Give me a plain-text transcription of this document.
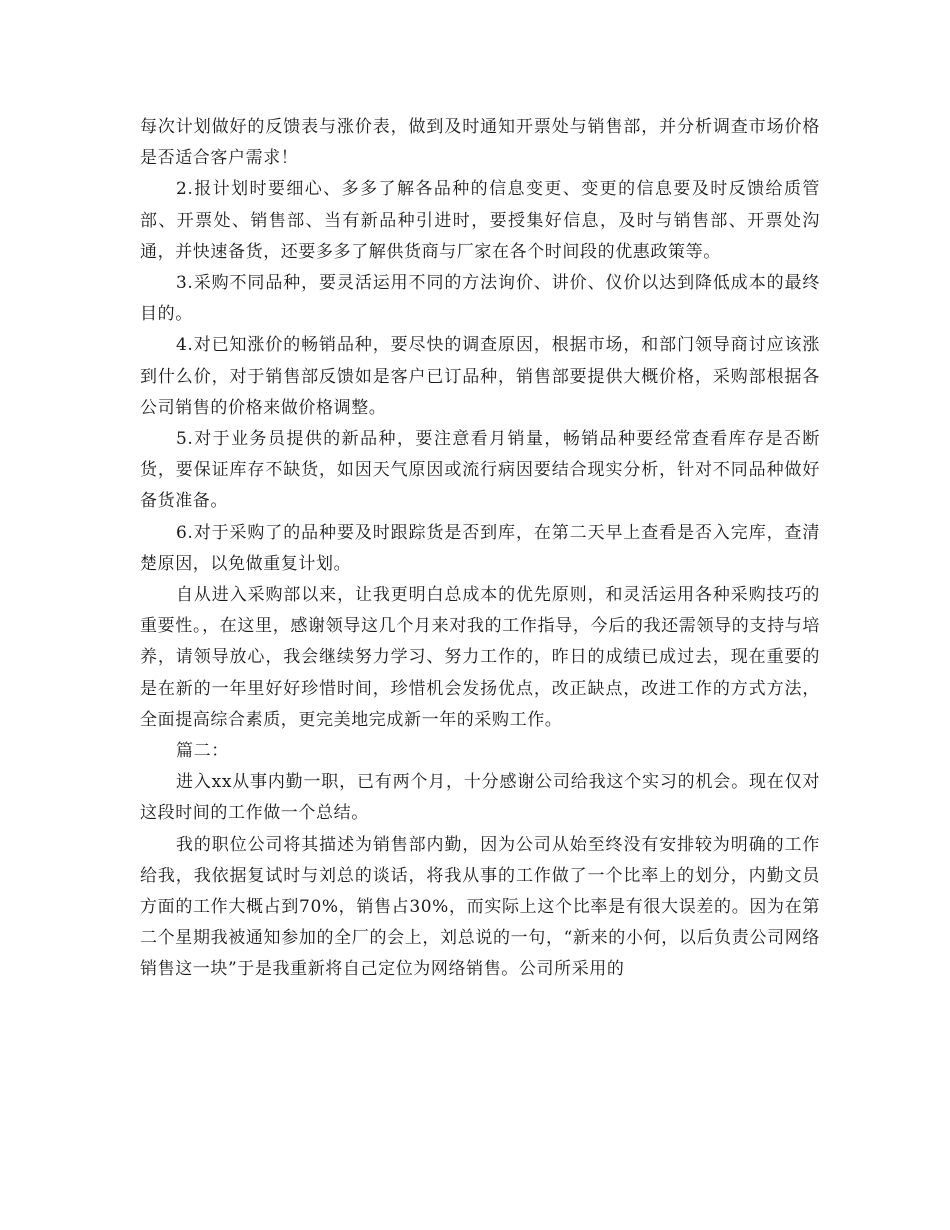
每次计划做好的反馈表与涨价表，做到及时通知开票处与销售部，并分析调查市场价格是否适合客户需求！

2.报计划时要细心、多多了解各品种的信息变更、变更的信息要及时反馈给质管部、开票处、销售部、当有新品种引进时，要授集好信息，及时与销售部、开票处沟通，并快速备货，还要多多了解供货商与厂家在各个时间段的优惠政策等。

3.采购不同品种，要灵活运用不同的方法询价、讲价、仪价以达到降低成本的最终目的。

4.对已知涨价的畅销品种，要尽快的调查原因，根据市场，和部门领导商讨应该涨到什么价，对于销售部反馈如是客户已订品种，销售部要提供大概价格，采购部根据各公司销售的价格来做价格调整。

5.对于业务员提供的新品种，要注意看月销量，畅销品种要经常查看库存是否断货，要保证库存不缺货，如因天气原因或流行病因要结合现实分析，针对不同品种做好备货准备。

6.对于采购了的品种要及时跟踪货是否到库，在第二天早上查看是否入完库，查清楚原因，以免做重复计划。

自从进入采购部以来，让我更明白总成本的优先原则，和灵活运用各种采购技巧的重要性。，在这里，感谢领导这几个月来对我的工作指导，今后的我还需领导的支持与培养，请领导放心，我会继续努力学习、努力工作的，昨日的成绩已成过去，现在重要的是在新的一年里好好珍惜时间，珍惜机会发扬优点，改正缺点，改进工作的方式方法，全面提高综合素质，更完美地完成新一年的采购工作。

篇二：

进入xx从事内勤一职，已有两个月，十分感谢公司给我这个实习的机会。现在仅对这段时间的工作做一个总结。

我的职位公司将其描述为销售部内勤，因为公司从始至终没有安排较为明确的工作给我，我依据复试时与刘总的谈话，将我从事的工作做了一个比率上的划分，内勤文员方面的工作大概占到70%，销售占30%，而实际上这个比率是有很大误差的。因为在第二个星期我被通知参加的全厂的会上，刘总说的一句，“新来的小何，以后负责公司网络销售这一块”于是我重新将自己定位为网络销售。公司所采用的
